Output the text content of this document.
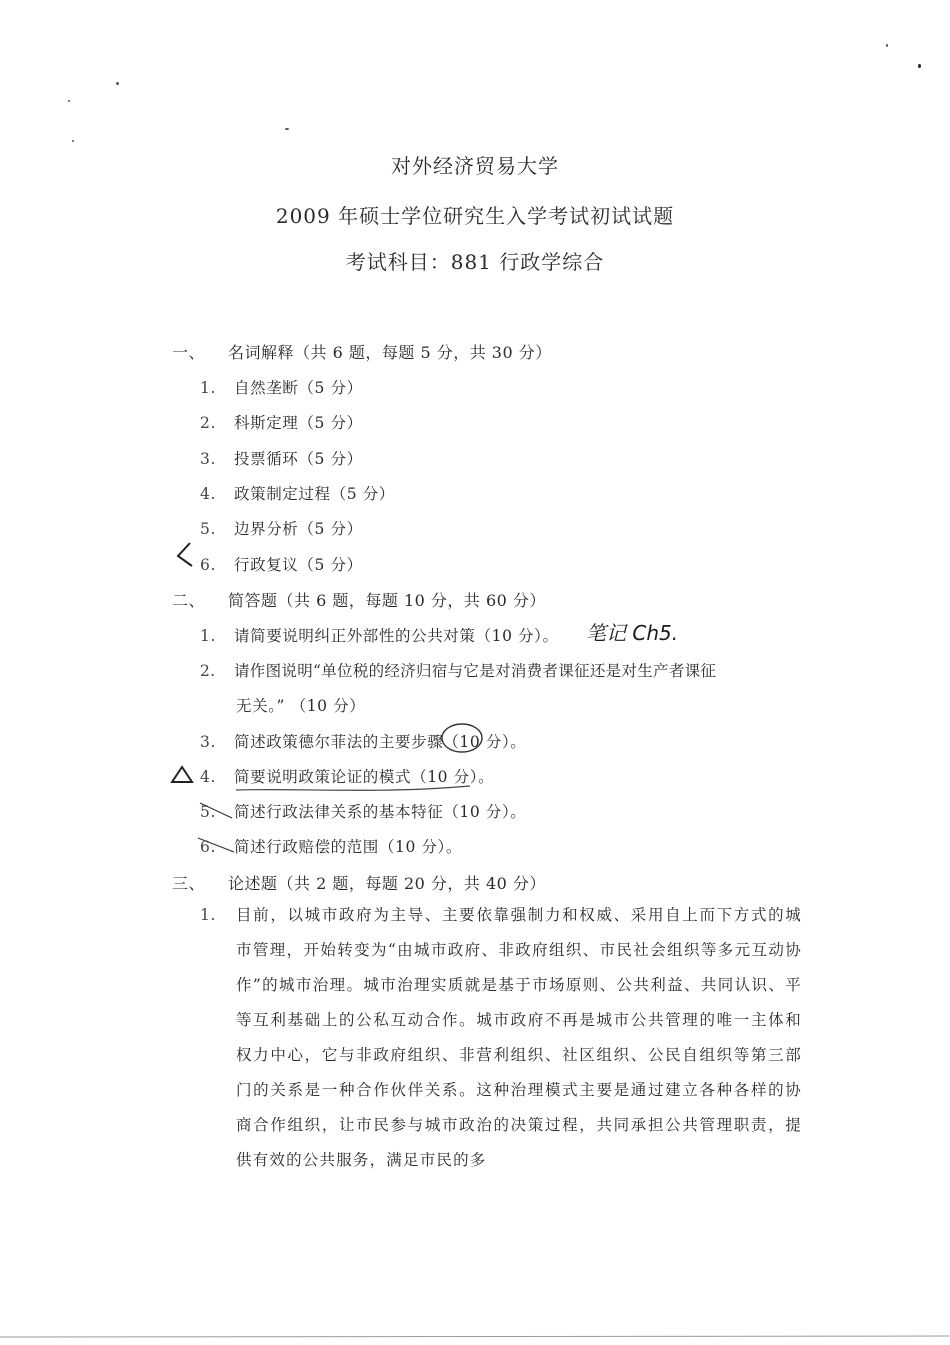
对外经济贸易大学
2009 年硕士学位研究生入学考试初试试题
考试科目：881 行政学综合
一、 名词解释（共 6 题，每题 5 分，共 30 分）
1. 自然垄断（5 分）
2. 科斯定理（5 分）
3. 投票循环（5 分）
4. 政策制定过程（5 分）
5. 边界分析（5 分）
6. 行政复议（5 分）
二、 简答题（共 6 题，每题 10 分，共 60 分）
1. 请简要说明纠正外部性的公共对策（10 分）。
2. 请作图说明“单位税的经济归宿与它是对消费者课征还是对生产者课征
无关。” （10 分）
3. 简述政策德尔菲法的主要步骤（10 分）。
4. 简要说明政策论证的模式（10 分）。
5. 简述行政法律关系的基本特征（10 分）。
6. 简述行政赔偿的范围（10 分）。
三、 论述题（共 2 题，每题 20 分，共 40 分）
1.	目前，以城市政府为主导、主要依靠强制力和权威、采用自上而下方式的城市管理，开始转变为“由城市政府、非政府组织、市民社会组织等多元互动协作”的城市治理。城市治理实质就是基于市场原则、公共利益、共同认识、平等互利基础上的公私互动合作。城市政府不再是城市公共管理的唯一主体和权力中心，它与非政府组织、非营利组织、社区组织、公民自组织等第三部门的关系是一种合作伙伴关系。这种治理模式主要是通过建立各种各样的协商合作组织，让市民参与城市政治的决策过程，共同承担公共管理职责，提供有效的公共服务，满足市民的多
笔记 Ch5.
